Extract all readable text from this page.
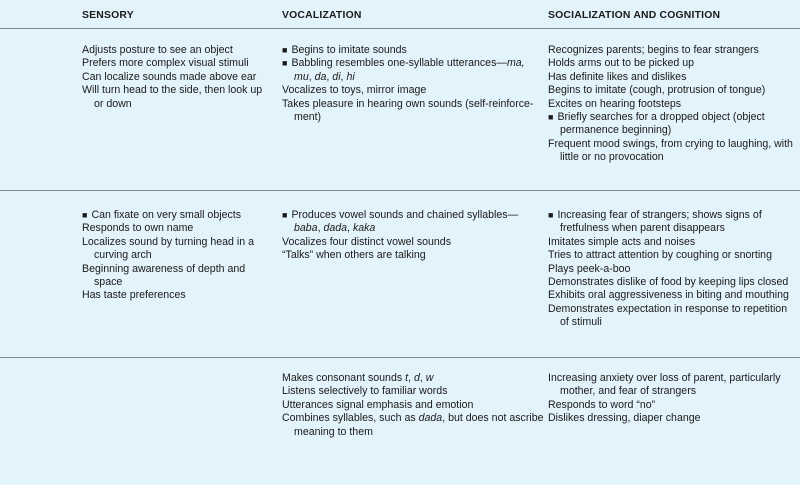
SENSORY	VOCALIZATION	SOCIALIZATION AND COGNITION
Adjusts posture to see an object
Prefers more complex visual stimuli
Can localize sounds made above ear
Will turn head to the side, then look up
or down
■ Begins to imitate sounds
■ Babbling resembles one-syllable utterances—ma,
mu, da, di, hi
Vocalizes to toys, mirror image
Takes pleasure in hearing own sounds (self-reinforce-
ment)
Recognizes parents; begins to fear strangers
Holds arms out to be picked up
Has definite likes and dislikes
Begins to imitate (cough, protrusion of tongue)
Excites on hearing footsteps
■ Briefly searches for a dropped object (object
permanence beginning)
Frequent mood swings, from crying to laughing, with
little or no provocation
■ Can fixate on very small objects
Responds to own name
Localizes sound by turning head in a
curving arch
Beginning awareness of depth and
space
Has taste preferences
■ Produces vowel sounds and chained syllables—
baba, dada, kaka
Vocalizes four distinct vowel sounds
“Talks” when others are talking
■ Increasing fear of strangers; shows signs of
fretfulness when parent disappears
Imitates simple acts and noises
Tries to attract attention by coughing or snorting
Plays peek-a-boo
Demonstrates dislike of food by keeping lips closed
Exhibits oral aggressiveness in biting and mouthing
Demonstrates expectation in response to repetition
of stimuli
Makes consonant sounds t, d, w
Listens selectively to familiar words
Utterances signal emphasis and emotion
Combines syllables, such as dada, but does not ascribe
meaning to them
Increasing anxiety over loss of parent, particularly
mother, and fear of strangers
Responds to word “no”
Dislikes dressing, diaper change
